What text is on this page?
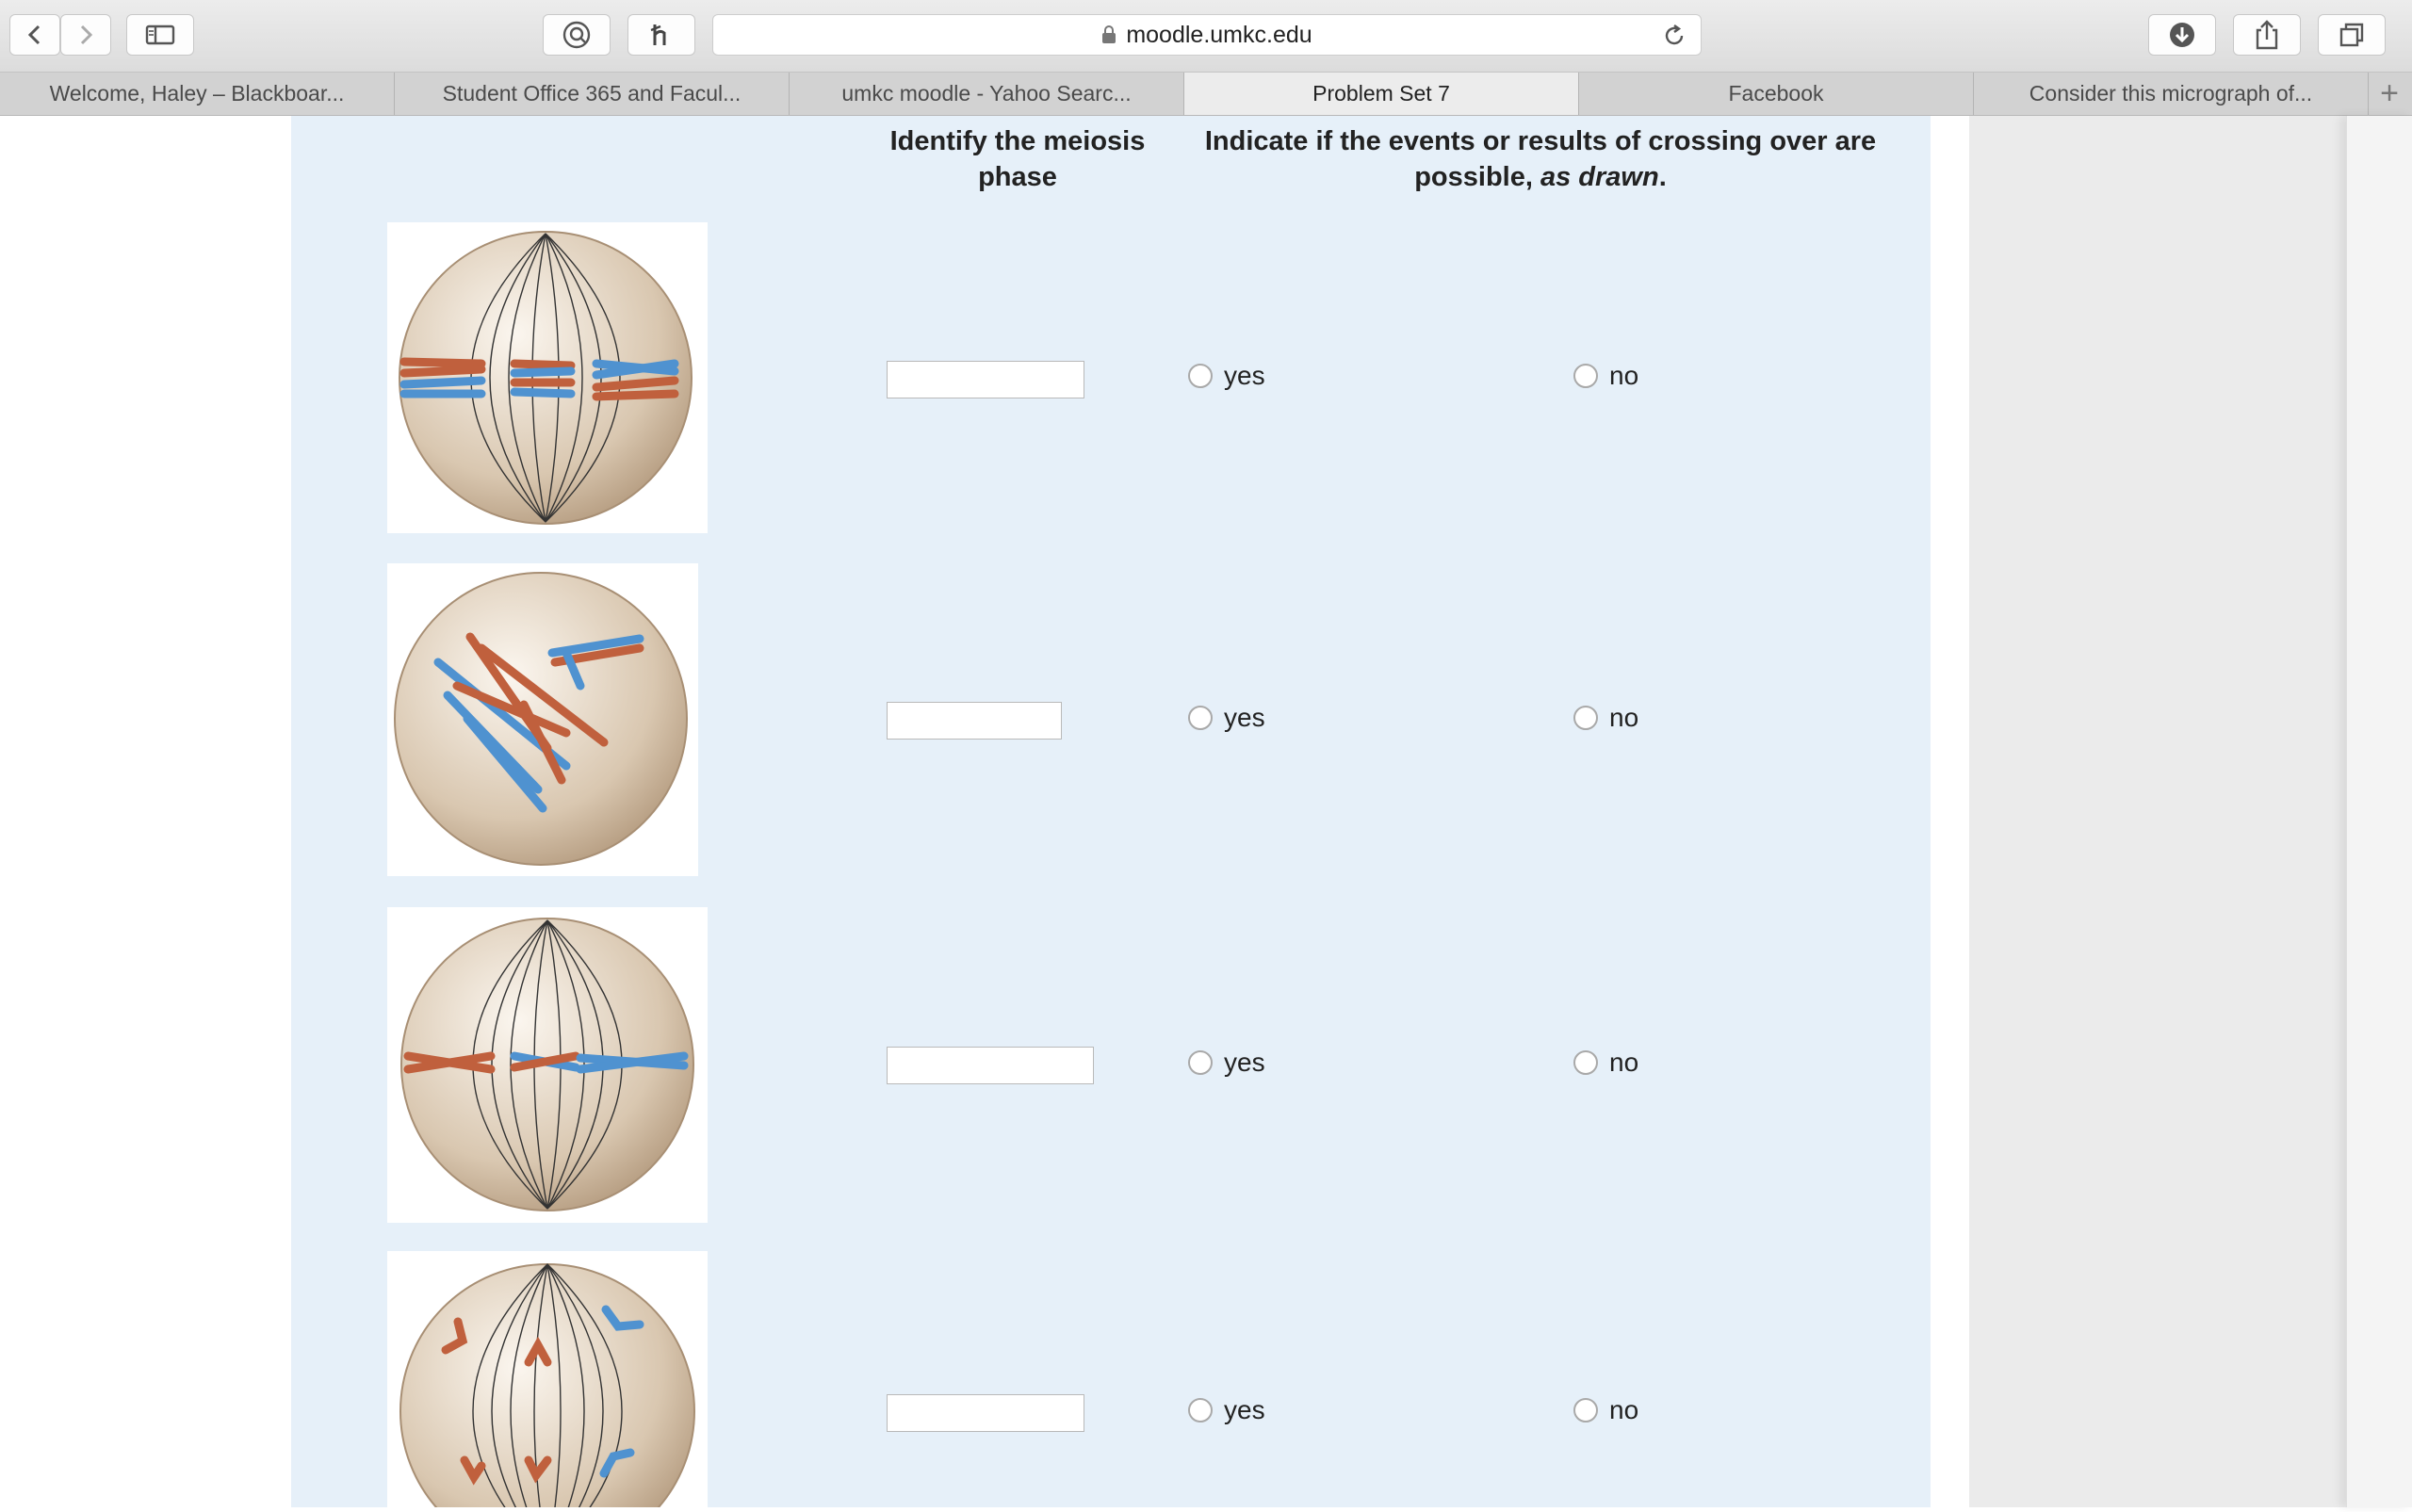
moodle.umkc.edu
Welcome, Haley – Blackboar...	Student Office 365 and Facul...	umkc moodle - Yahoo Searc...	Problem Set 7	Facebook	Consider this micrograph of...	+
Identify the meiosis phase
Indicate if the events or results of crossing over are possible, as drawn.
yes	no
yes	no
yes	no
yes	no
